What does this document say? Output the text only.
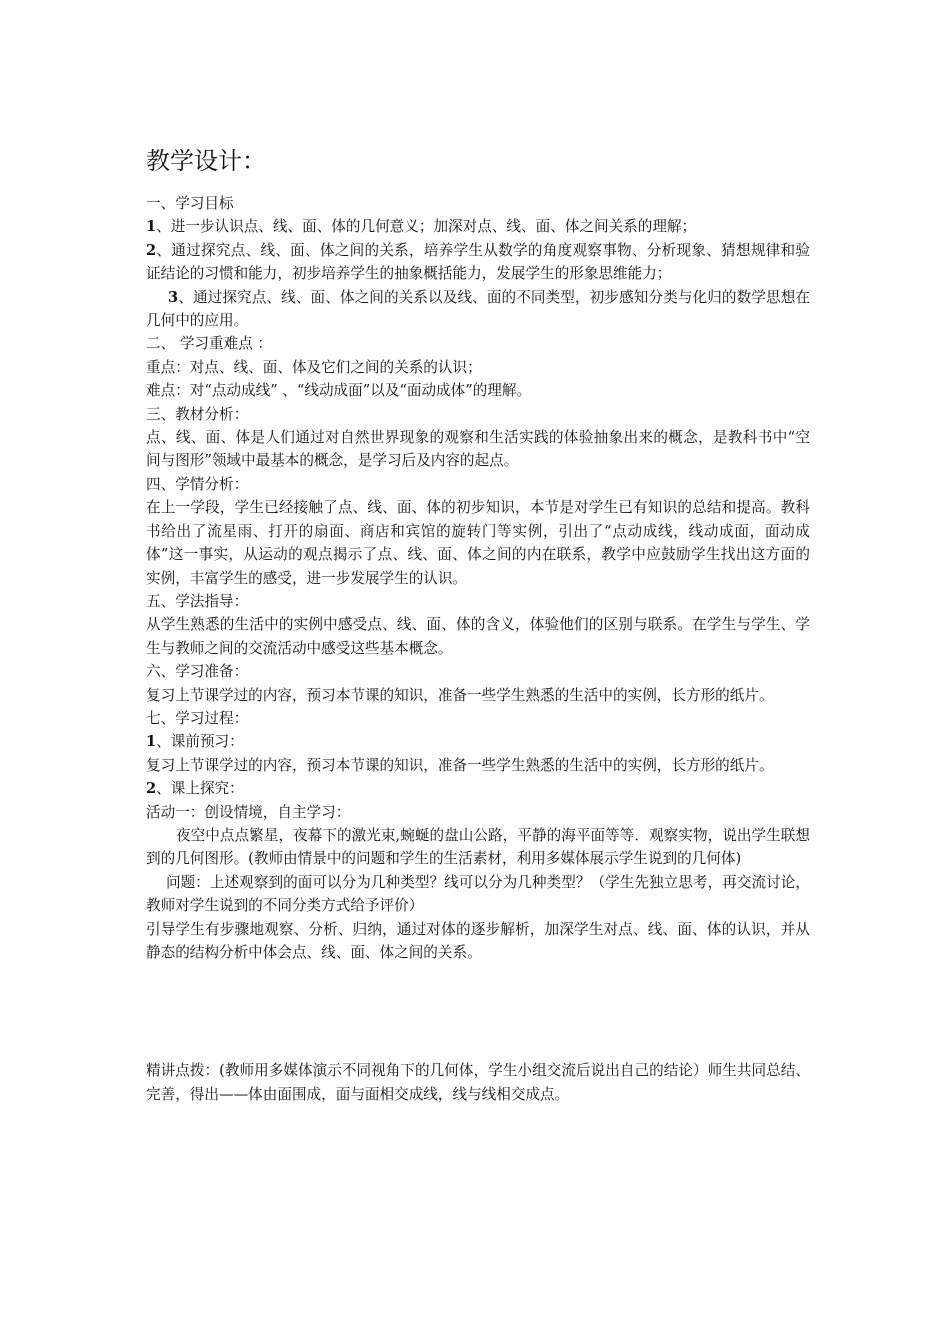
教学设计：

一、学习目标

1、进一步认识点、线、面、体的几何意义；加深对点、线、面、体之间关系的理解；

2、通过探究点、线、面、体之间的关系，培养学生从数学的角度观察事物、分析现象、猜想规律和验证结论的习惯和能力，初步培养学生的抽象概括能力，发展学生的形象思维能力；

3、通过探究点、线、面、体之间的关系以及线、面的不同类型，初步感知分类与化归的数学思想在几何中的应用。

二、 学习重难点 ：

重点：对点、线、面、体及它们之间的关系的认识；

难点：对“点动成线” 、“线动成面”以及“面动成体”的理解。

三、教材分析：

点、线、面、体是人们通过对自然世界现象的观察和生活实践的体验抽象出来的概念，是教科书中“空间与图形”领域中最基本的概念，是学习后及内容的起点。

四、学情分析：

在上一学段，学生已经接触了点、线、面、体的初步知识，本节是对学生已有知识的总结和提高。教科书给出了流星雨、打开的扇面、商店和宾馆的旋转门等实例，引出了“点动成线，线动成面，面动成体”这一事实，从运动的观点揭示了点、线、面、体之间的内在联系，教学中应鼓励学生找出这方面的实例，丰富学生的感受，进一步发展学生的认识。

五、学法指导：

从学生熟悉的生活中的实例中感受点、线、面、体的含义，体验他们的区别与联系。在学生与学生、学生与教师之间的交流活动中感受这些基本概念。

六、学习准备：

复习上节课学过的内容，预习本节课的知识，准备一些学生熟悉的生活中的实例，长方形的纸片。

七、学习过程：

1、课前预习：

复习上节课学过的内容，预习本节课的知识，准备一些学生熟悉的生活中的实例，长方形的纸片。

2、课上探究：

活动一：创设情境，自主学习：

夜空中点点繁星，夜幕下的激光束,蜿蜒的盘山公路，平静的海平面等等．观察实物，说出学生联想到的几何图形。(教师由情景中的问题和学生的生活素材，利用多媒体展示学生说到的几何体)

问题：上述观察到的面可以分为几种类型？线可以分为几种类型？（学生先独立思考，再交流讨论，教师对学生说到的不同分类方式给予评价）

引导学生有步骤地观察、分析、归纳，通过对体的逐步解析，加深学生对点、线、面、体的认识，并从静态的结构分析中体会点、线、面、体之间的关系。

精讲点拨：(教师用多媒体演示不同视角下的几何体，学生小组交流后说出自己的结论）师生共同总结、完善，得出——体由面围成，面与面相交成线，线与线相交成点。
